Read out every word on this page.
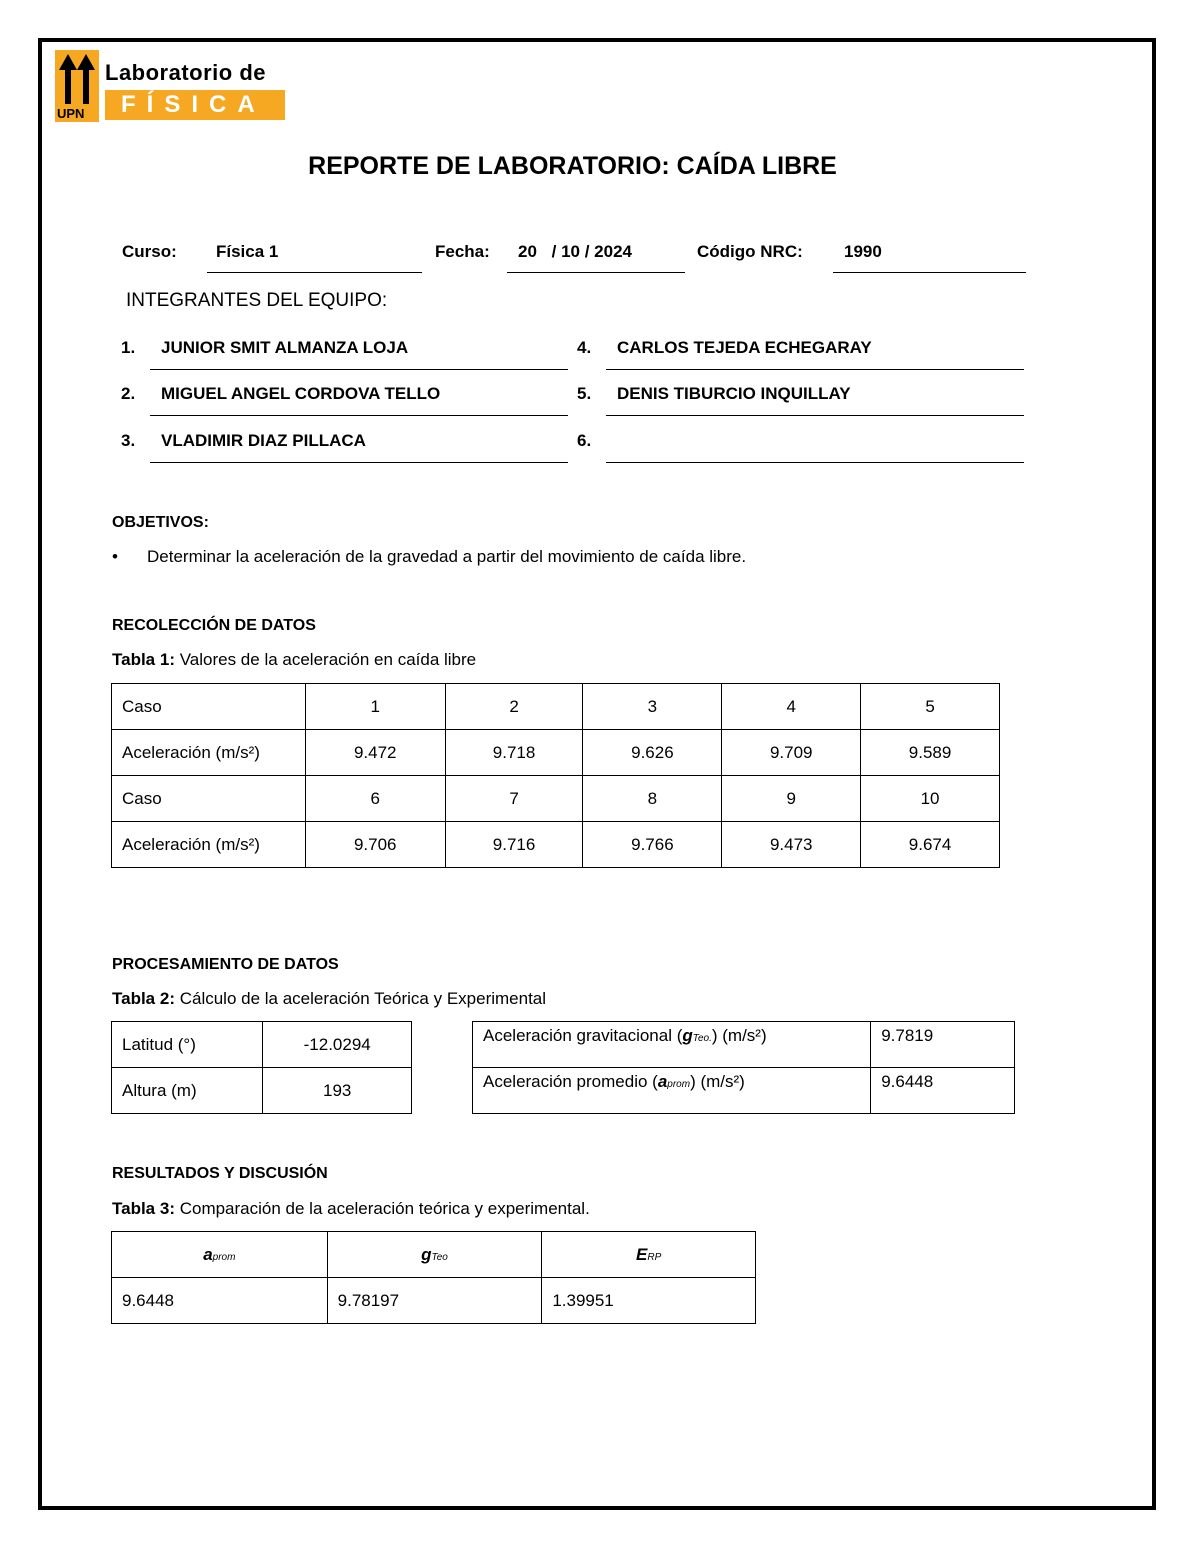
UPN
Laboratorio de
FÍSICA
REPORTE DE LABORATORIO: CAÍDA LIBRE
Curso:	Física 1	Fecha:	20 / 10 / 2024	Código NRC:	1990
INTEGRANTES DEL EQUIPO:
1.	JUNIOR SMIT ALMANZA LOJA
2.	MIGUEL ANGEL CORDOVA TELLO
3.	VLADIMIR DIAZ PILLACA
4.	CARLOS TEJEDA ECHEGARAY
5.	DENIS TIBURCIO INQUILLAY
6.
OBJETIVOS:
• Determinar la aceleración de la gravedad a partir del movimiento de caída libre.
RECOLECCIÓN DE DATOS
Tabla 1: Valores de la aceleración en caída libre
Caso	1	2	3	4	5
Aceleración (m/s²)	9.472	9.718	9.626	9.709	9.589
Caso	6	7	8	9	10
Aceleración (m/s²)	9.706	9.716	9.766	9.473	9.674
PROCESAMIENTO DE DATOS
Tabla 2: Cálculo de la aceleración Teórica y Experimental
Latitud (°)	-12.0294
Altura (m)	193
Aceleración gravitacional (gTeo.) (m/s²)	9.7819
Aceleración promedio (aprom) (m/s²)	9.6448
RESULTADOS Y DISCUSIÓN
Tabla 3: Comparación de la aceleración teórica y experimental.
aprom	gTeo	ERP
9.6448	9.78197	1.39951
